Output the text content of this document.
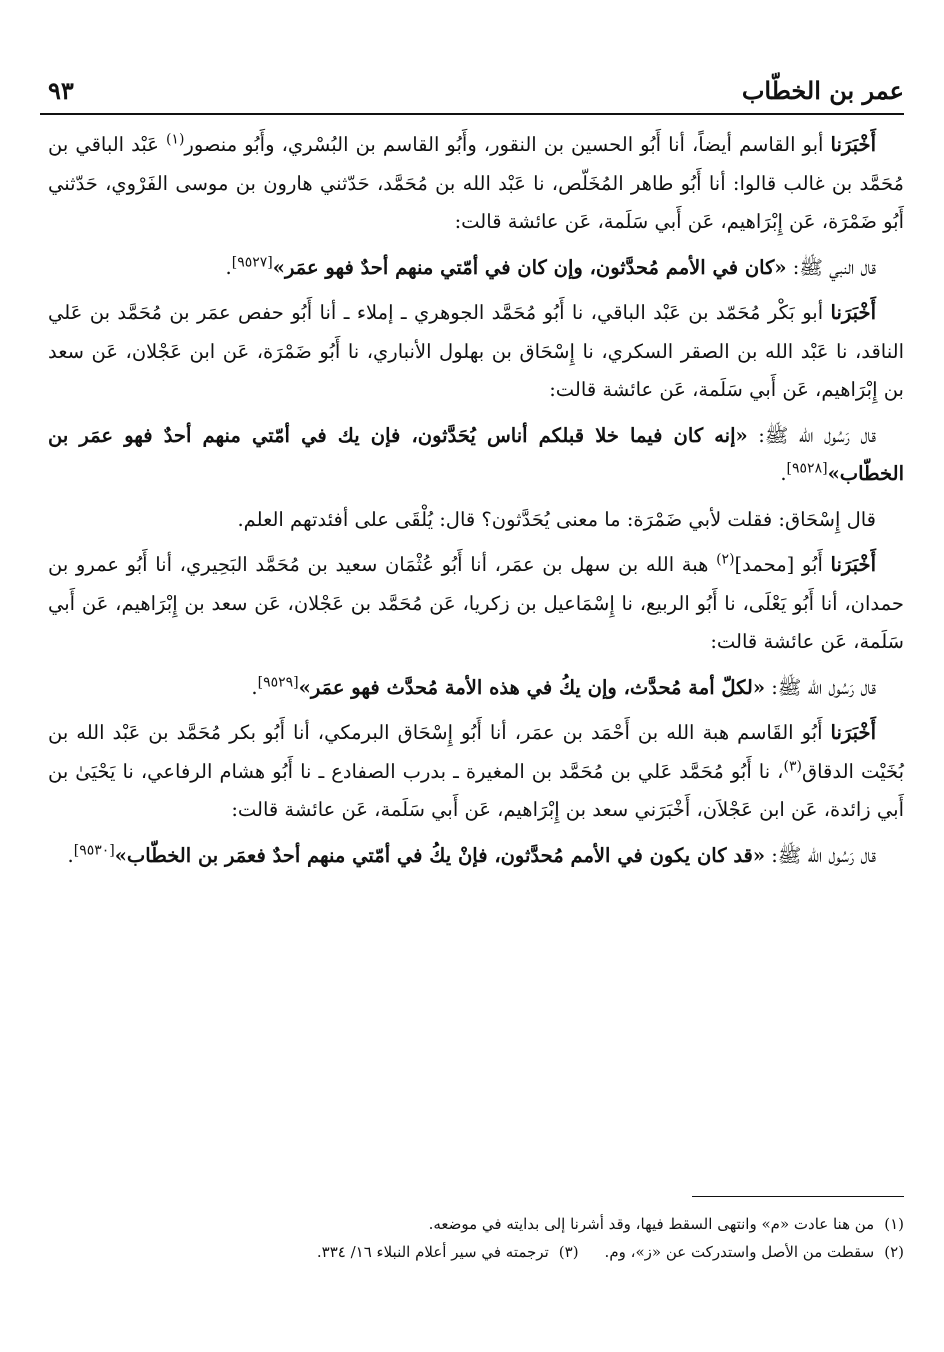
عمر بن الخطّاب
٩٣

أَخْبَرَنا أبو القاسم أيضاً، أنا أَبُو الحسين بن النقور، وأَبُو القاسم بن البُسْري، وأَبُو منصور$^{(١)}$ عَبْد الباقي بن مُحَمَّد بن غالب قالوا: أنا أَبُو طاهر المُخَلّص، نا عَبْد الله بن مُحَمَّد، حَدّثني هارون بن موسى الفَرْوي، حَدّثني أَبُو ضَمْرَة، عَن إِبْرَاهيم، عَن أَبي سَلَمة، عَن عائشة قالت:

قال النبي ﷺ: «كان في الأمم مُحدَّثون، وإن كان في أمّتي منهم أحدٌ فهو عمَر»[٩٥٢٧].

أَخْبَرَنا أبو بَكْر مُحَمّد بن عَبْد الباقي، نا أَبُو مُحَمَّد الجوهري ـ إملاء ـ أنا أَبُو حفص عمَر بن مُحَمَّد بن عَلي الناقد، نا عَبْد الله بن الصقر السكري، نا إِسْحَاق بن بهلول الأنباري، نا أَبُو ضَمْرَة، عَن ابن عَجْلان، عَن سعد بن إِبْرَاهيم، عَن أَبي سَلَمة، عَن عائشة قالت:

قال رَسُول الله ﷺ: «إنه كان فيما خلا قبلكم أناس يُحَدَّثون، فإن يك في أمّتي منهم أحدٌ فهو عمَر بن الخطّاب»[٩٥٢٨].

قال إِسْحَاق: فقلت لأبي ضَمْرَة: ما معنى يُحَدَّثون؟ قال: يُلْقَى على أفئدتهم العلم.

أَخْبَرَنا أَبُو [محمد]$^{(٢)}$ هبة الله بن سهل بن عمَر، أنا أَبُو عُثْمَان سعيد بن مُحَمَّد البَحِيري، أنا أَبُو عمرو بن حمدان، أنا أَبُو يَعْلَى، نا أَبُو الربيع، نا إِسْمَاعيل بن زكريا، عَن مُحَمَّد بن عَجْلان، عَن سعد بن إِبْرَاهيم، عَن أَبي سَلَمة، عَن عائشة قالت:

قال رَسُول الله ﷺ: «لكلّ أمة مُحدَّث، وإن يكُ في هذه الأمة مُحدَّث فهو عمَر»[٩٥٢٩].

أَخْبَرَنا أَبُو القَاسم هبة الله بن أَحْمَد بن عمَر، أنا أَبُو إِسْحَاق البرمكي، أنا أَبُو بكر مُحَمَّد بن عَبْد الله بن بُخَيْت الدقاق$^{(٣)}$، نا أَبُو مُحَمَّد عَلي بن مُحَمَّد بن المغيرة ـ بدرب الصفادع ـ نا أَبُو هشام الرفاعي، نا يَحْيَىٰ بن أَبي زائدة، عَن ابن عَجْلاَن، أَخْبَرَني سعد بن إِبْرَاهيم، عَن أَبي سَلَمة، عَن عائشة قالت:

قال رَسُول الله ﷺ: «قد كان يكون في الأمم مُحدَّثون، فإنْ يكُ في أمّتي منهم أحدٌ فعمَر بن الخطّاب»[٩٥٣٠].

(١)من هنا عادت «م» وانتهى السقط فيها، وقد أشرنا إلى بدايته في موضعه.

(٢)سقطت من الأصل واستدركت عن «ز»، وم.(٣)ترجمته في سير أعلام النبلاء ١٦/ ٣٣٤.
